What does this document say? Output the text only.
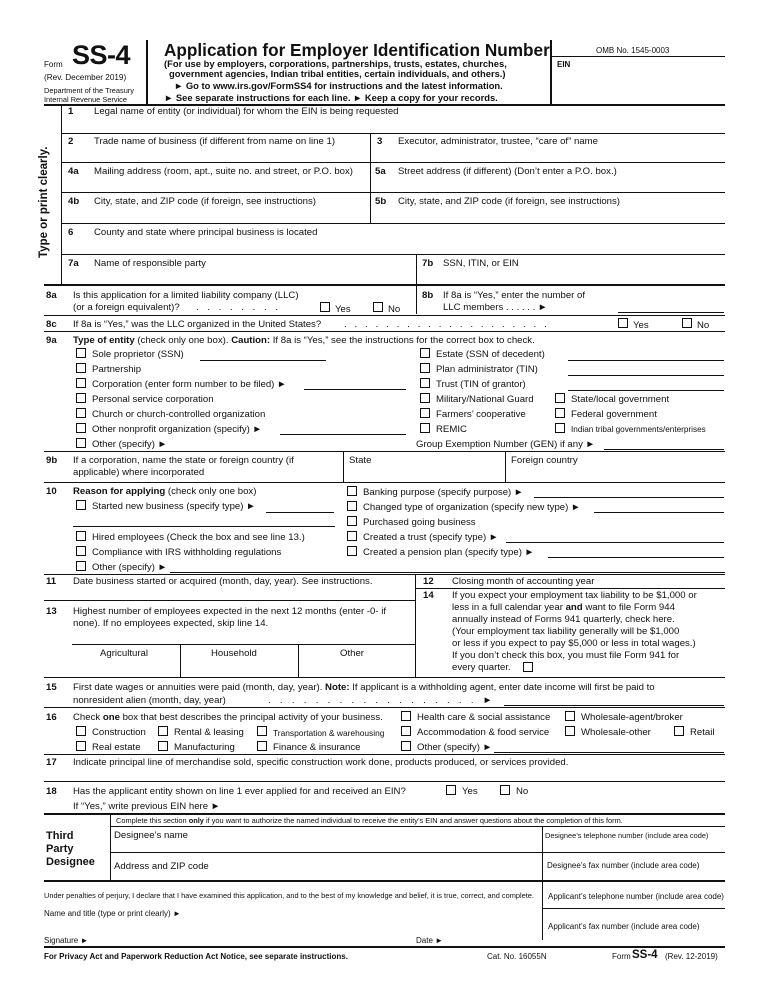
Form SS-4
(Rev. December 2019)
Department of the Treasury
Internal Revenue Service
Application for Employer Identification Number
(For use by employers, corporations, partnerships, trusts, estates, churches,
government agencies, Indian tribal entities, certain individuals, and others.)
► Go to www.irs.gov/FormSS4 for instructions and the latest information.
► See separate instructions for each line. ► Keep a copy for your records.
OMB No. 1545-0003
EIN
Type or print clearly.
1 Legal name of entity (or individual) for whom the EIN is being requested
2 Trade name of business (if different from name on line 1)	3 Executor, administrator, trustee, “care of” name
4a Mailing address (room, apt., suite no. and street, or P.O. box) 5a Street address (if different) (Don’t enter a P.O. box.)
4b City, state, and ZIP code (if foreign, see instructions)	5b City, state, and ZIP code (if foreign, see instructions)
6 County and state where principal business is located
7a Name of responsible party	7b SSN, ITIN, or EIN
8a Is this application for a limited liability company (LLC)
(or a foreign equivalent)? . . . . . . . .	Yes	No
8b If 8a is “Yes,” enter the number of
LLC members . . . . . . ►
8c If 8a is “Yes,” was the LLC organized in the United States? . . . . . . . . . . . . . . . . . . . .	Yes	No
9a Type of entity (check only one box). Caution: If 8a is “Yes,” see the instructions for the correct box to check.
Sole proprietor (SSN)
Partnership
Corporation (enter form number to be filed) ►
Personal service corporation
Church or church-controlled organization
Other nonprofit organization (specify) ►
Other (specify) ►
Estate (SSN of decedent)
Plan administrator (TIN)
Trust (TIN of grantor)
Military/National Guard
Farmers’ cooperative
REMIC
State/local government
Federal government
Indian tribal governments/enterprises
Group Exemption Number (GEN) if any ►
9b If a corporation, name the state or foreign country (if
applicable) where incorporated
State	Foreign country
10 Reason for applying (check only one box)
Started new business (specify type) ►
Hired employees (Check the box and see line 13.)
Compliance with IRS withholding regulations
Other (specify) ►
Banking purpose (specify purpose) ►
Changed type of organization (specify new type) ►
Purchased going business
Created a trust (specify type) ►
Created a pension plan (specify type) ►
11 Date business started or acquired (month, day, year). See instructions.	12 Closing month of accounting year
13 Highest number of employees expected in the next 12 months (enter -0- if
none). If no employees expected, skip line 14.
Agricultural	Household	Other
14 If you expect your employment tax liability to be $1,000 or
less in a full calendar year and want to file Form 944
annually instead of Forms 941 quarterly, check here.
(Your employment tax liability generally will be $1,000
or less if you expect to pay $5,000 or less in total wages.)
If you don’t check this box, you must file Form 941 for
every quarter.
15 First date wages or annuities were paid (month, day, year). Note: If applicant is a withholding agent, enter date income will first be paid to
nonresident alien (month, day, year)	. . . . . . . . . . . . . . . . . . ►
16 Check one box that best describes the principal activity of your business.	Health care & social assistance	Wholesale-agent/broker
Construction	Rental & leasing	Transportation & warehousing	Accommodation & food service	Wholesale-other	Retail
Real estate	Manufacturing	Finance & insurance	Other (specify) ►
17 Indicate principal line of merchandise sold, specific construction work done, products produced, or services provided.
18 Has the applicant entity shown on line 1 ever applied for and received an EIN?	Yes	No
If “Yes,” write previous EIN here ►
Complete this section only if you want to authorize the named individual to receive the entity’s EIN and answer questions about the completion of this form.
Third
Party
Designee
Designee’s name	Designee’s telephone number (include area code)
Address and ZIP code	Designee’s fax number (include area code)
Under penalties of perjury, I declare that I have examined this application, and to the best of my knowledge and belief, it is true, correct, and complete. Applicant’s telephone number (include area code)
Name and title (type or print clearly) ►
Applicant’s fax number (include area code)
Signature ►	Date ►
For Privacy Act and Paperwork Reduction Act Notice, see separate instructions.	Cat. No. 16055N	Form SS-4 (Rev. 12-2019)
